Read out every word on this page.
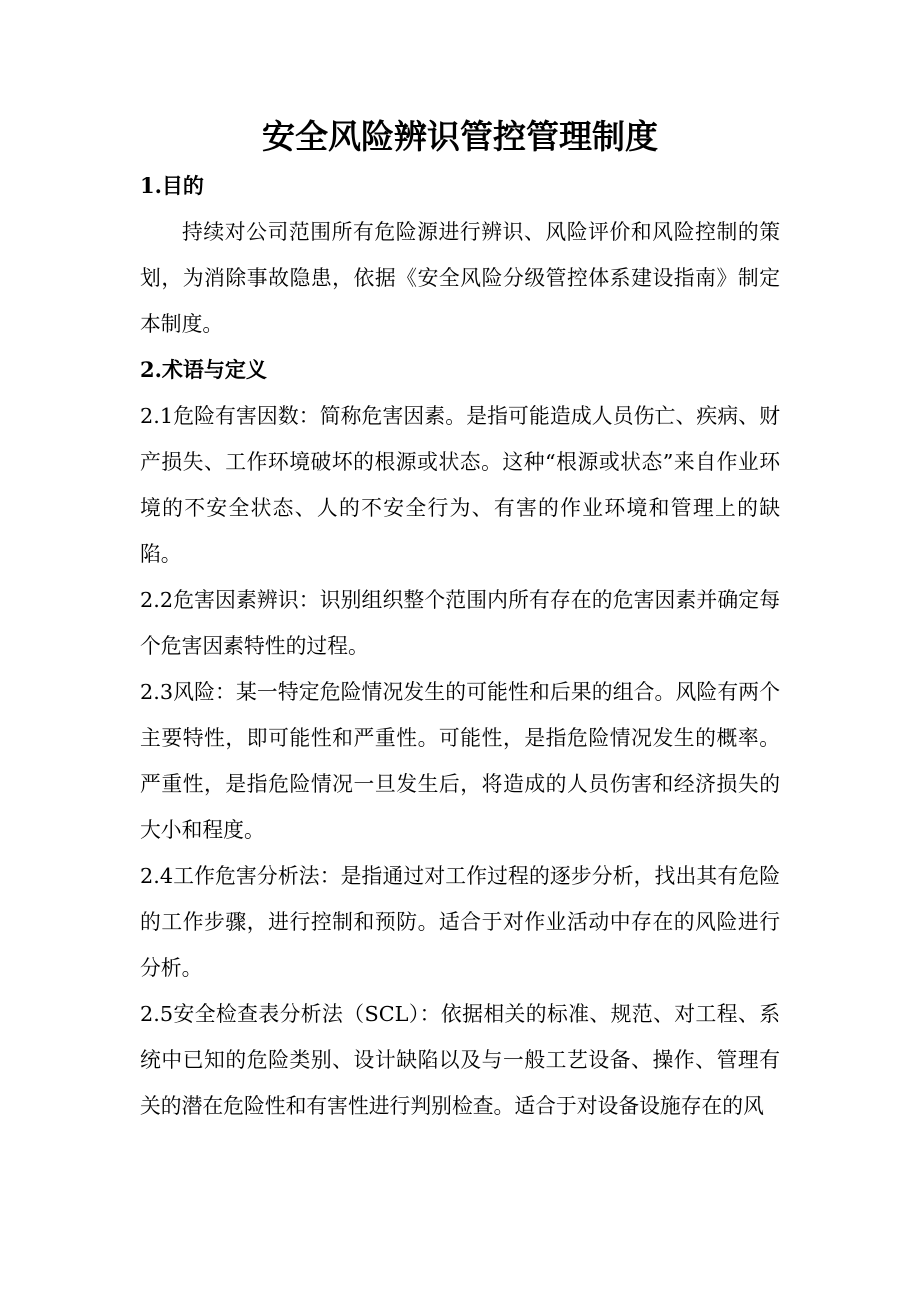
安全风险辨识管控管理制度

1.目的

持续对公司范围所有危险源进行辨识、风险评价和风险控制的策划，为消除事故隐患，依据《安全风险分级管控体系建设指南》制定本制度。

2.术语与定义

2.1危险有害因数：简称危害因素。是指可能造成人员伤亡、疾病、财产损失、工作环境破坏的根源或状态。这种“根源或状态”来自作业环境的不安全状态、人的不安全行为、有害的作业环境和管理上的缺陷。

2.2危害因素辨识：识别组织整个范围内所有存在的危害因素并确定每个危害因素特性的过程。

2.3风险：某一特定危险情况发生的可能性和后果的组合。风险有两个主要特性，即可能性和严重性。可能性，是指危险情况发生的概率。严重性，是指危险情况一旦发生后，将造成的人员伤害和经济损失的大小和程度。

2.4工作危害分析法：是指通过对工作过程的逐步分析，找出其有危险的工作步骤，进行控制和预防。适合于对作业活动中存在的风险进行分析。

2.5安全检查表分析法（SCL）：依据相关的标准、规范、对工程、系统中已知的危险类别、设计缺陷以及与一般工艺设备、操作、管理有关的潜在危险性和有害性进行判别检查。适合于对设备设施存在的风
